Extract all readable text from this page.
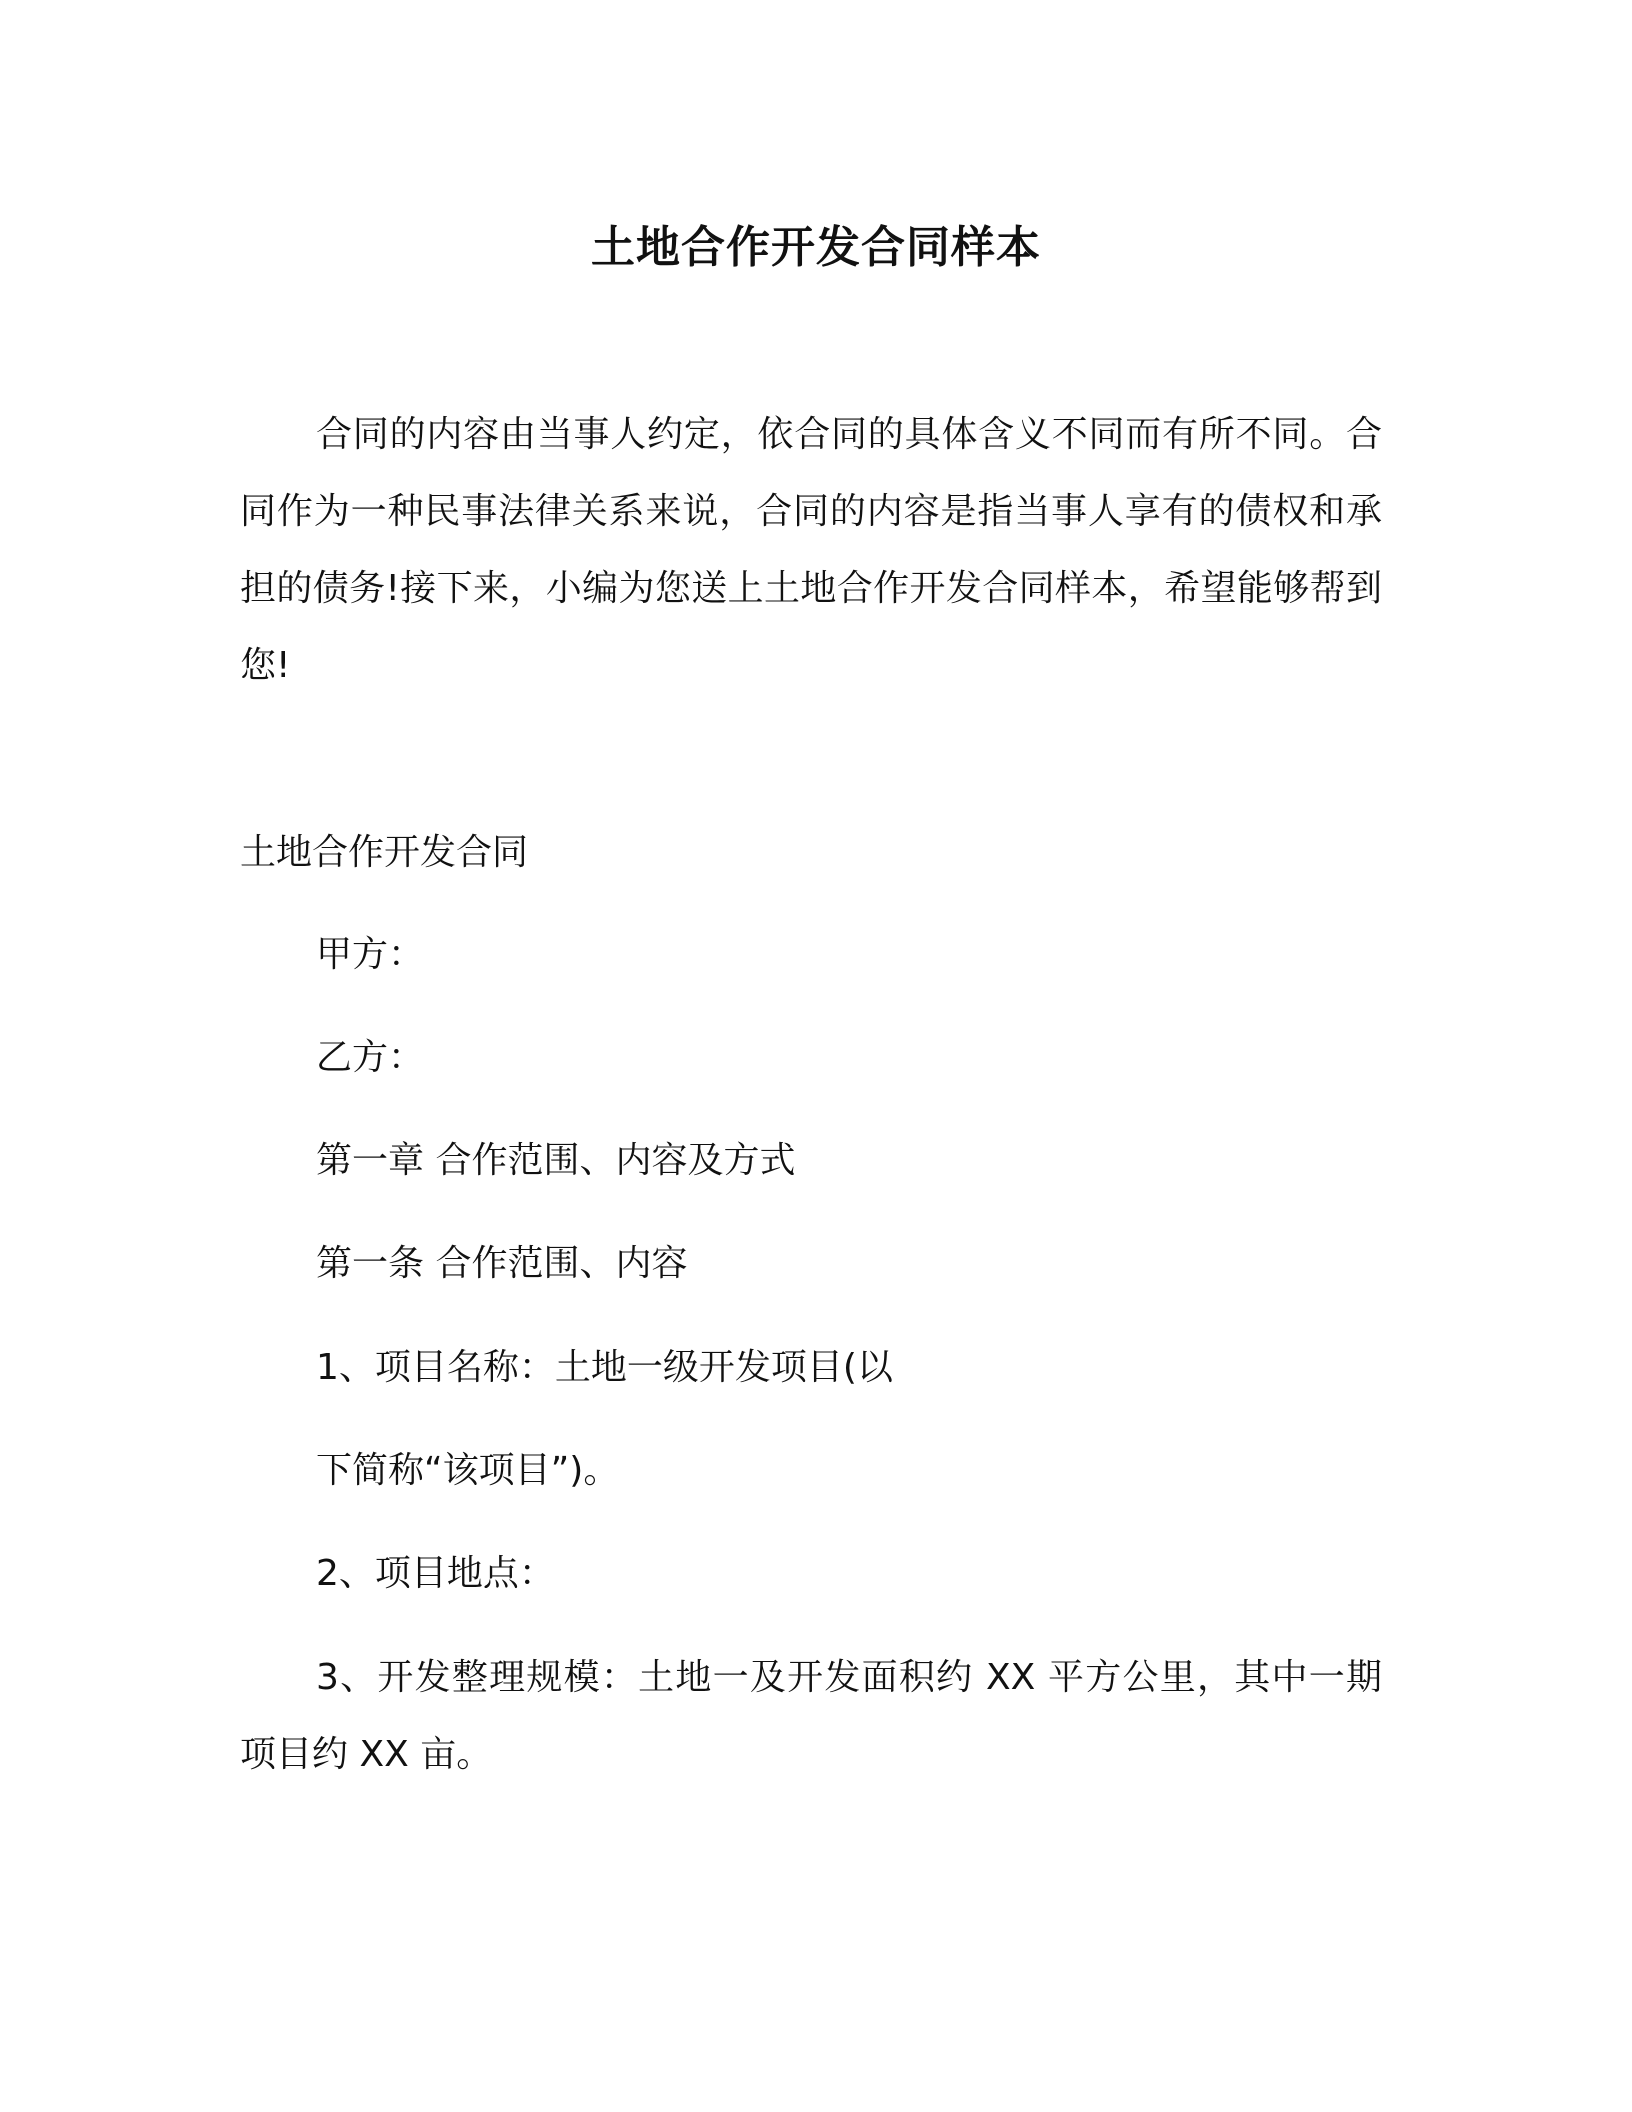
土地合作开发合同样本

合同的内容由当事人约定，依合同的具体含义不同而有所不同。合同作为一种民事法律关系来说，合同的内容是指当事人享有的债权和承担的债务!接下来，小编为您送上土地合作开发合同样本，希望能够帮到您!

土地合作开发合同

甲方：

乙方：

第一章 合作范围、内容及方式

第一条 合作范围、内容

1、项目名称：土地一级开发项目(以

下简称“该项目”)。

2、项目地点：

3、开发整理规模：土地一及开发面积约 XX 平方公里，其中一期项目约 XX 亩。
